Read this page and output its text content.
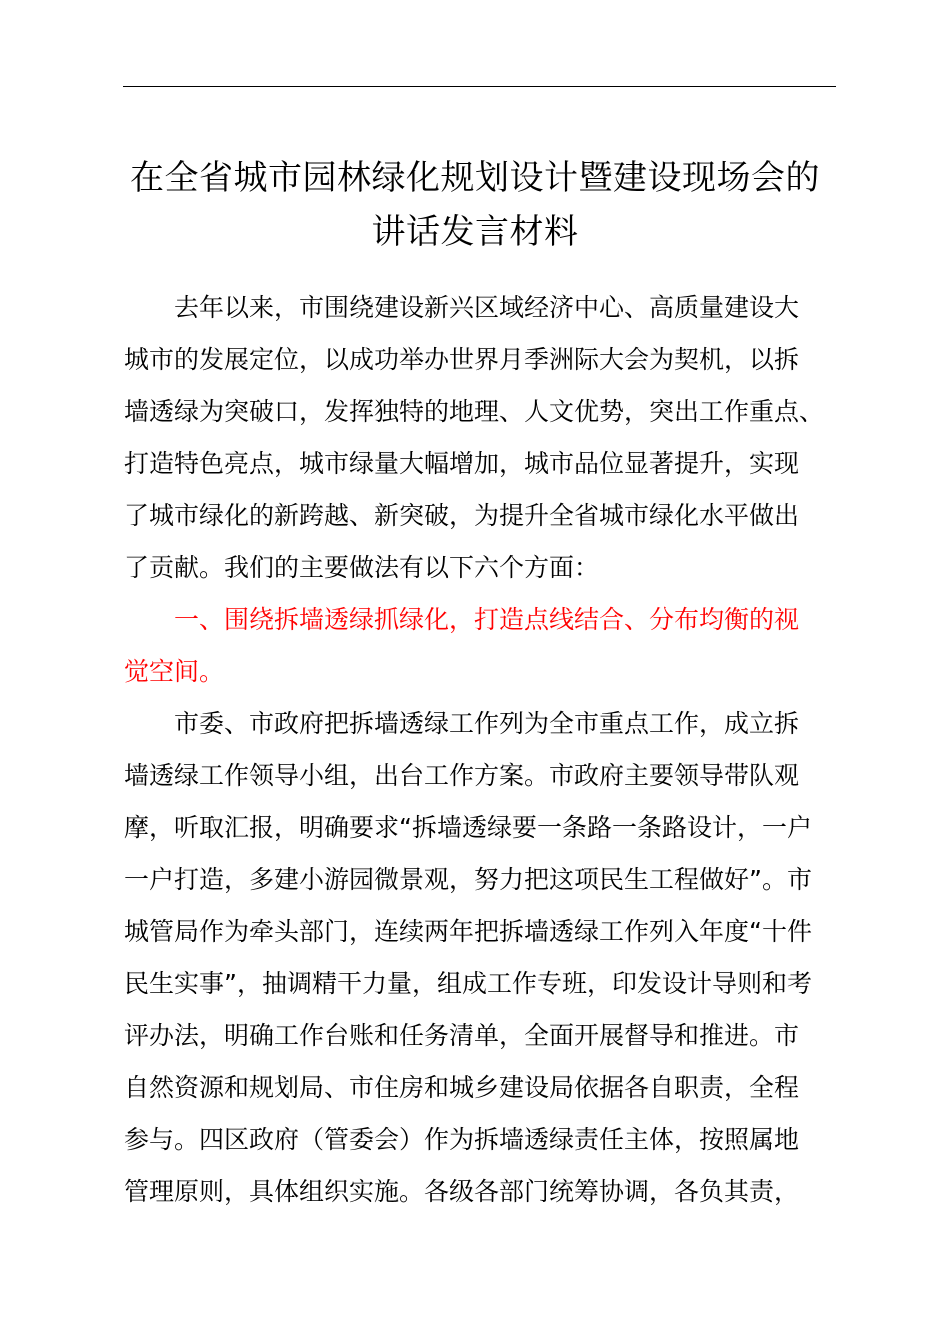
在全省城市园林绿化规划设计暨建设现场会的
讲话发言材料

去年以来，市围绕建设新兴区域经济中心、高质量建设大

城市的发展定位，以成功举办世界月季洲际大会为契机，以拆

墙透绿为突破口，发挥独特的地理、人文优势，突出工作重点、

打造特色亮点，城市绿量大幅增加，城市品位显著提升，实现

了城市绿化的新跨越、新突破，为提升全省城市绿化水平做出

了贡献。我们的主要做法有以下六个方面：

一、围绕拆墙透绿抓绿化，打造点线结合、分布均衡的视

觉空间。

市委、市政府把拆墙透绿工作列为全市重点工作，成立拆

墙透绿工作领导小组，出台工作方案。市政府主要领导带队观

摩，听取汇报，明确要求“拆墙透绿要一条路一条路设计，一户

一户打造，多建小游园微景观，努力把这项民生工程做好”。市

城管局作为牵头部门，连续两年把拆墙透绿工作列入年度“十件

民生实事”，抽调精干力量，组成工作专班，印发设计导则和考

评办法，明确工作台账和任务清单，全面开展督导和推进。市

自然资源和规划局、市住房和城乡建设局依据各自职责，全程

参与。四区政府（管委会）作为拆墙透绿责任主体，按照属地

管理原则，具体组织实施。各级各部门统筹协调，各负其责，
